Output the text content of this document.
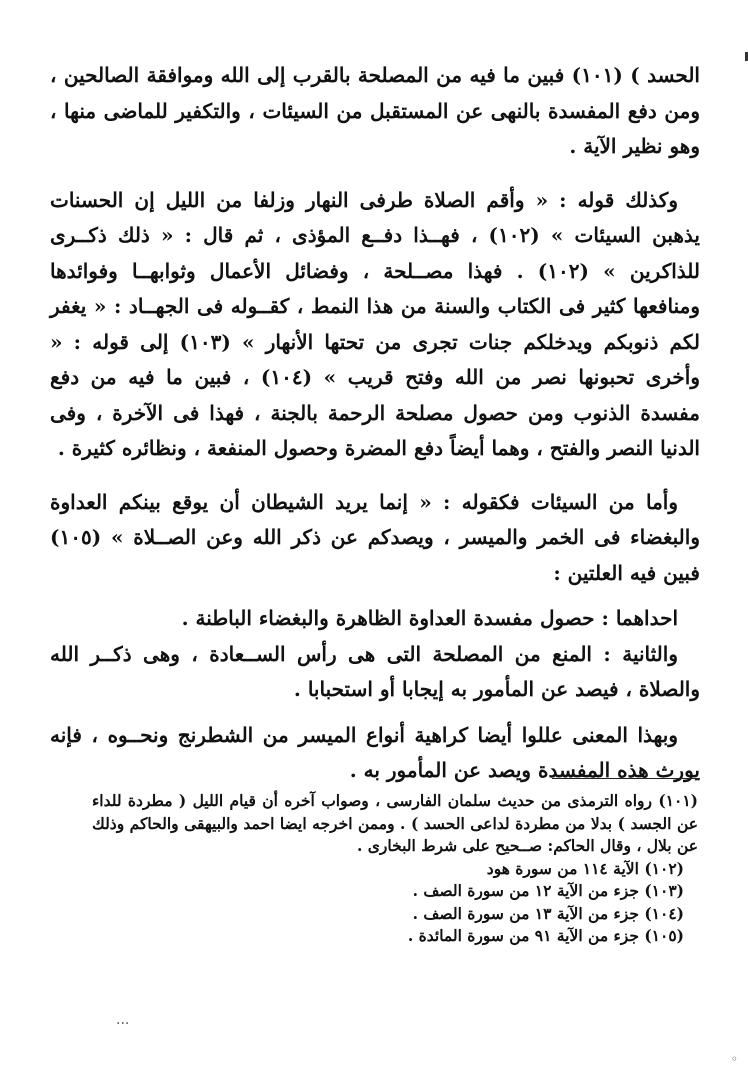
الحسد ) (١٠١) فبين ما فيه من المصلحة بالقرب إلى الله وموافقة الصالحين ، ومن دفع المفسدة بالنهى عن المستقبل من السيئات ، والتكفير للماضى منها ، وهو نظير الآية .

وكذلك قوله : « وأقم الصلاة طرفى النهار وزلفا من الليل إن الحسنات يذهبن السيئات » (١٠٢) ، فهــذا دفــع المؤذى ، ثم قال : « ذلك ذكــرى للذاكرين » (١٠٢) . فهذا مصــلحة ، وفضائل الأعمال وثوابهــا وفوائدها ومنافعها كثير فى الكتاب والسنة من هذا النمط ، كقــوله فى الجهــاد : « يغفر لكم ذنوبكم ويدخلكم جنات تجرى من تحتها الأنهار » (١٠٣) إلى قوله : « وأخرى تحبونها نصر من الله وفتح قريب » (١٠٤) ، فبين ما فيه من دفع مفسدة الذنوب ومن حصول مصلحة الرحمة بالجنة ، فهذا فى الآخرة ، وفى الدنيا النصر والفتح ، وهما أيضاً دفع المضرة وحصول المنفعة ، ونظائره كثيرة .

وأما من السيئات فكقوله : « إنما يريد الشيطان أن يوقع بينكم العداوة والبغضاء فى الخمر والميسر ، ويصدكم عن ذكر الله وعن الصــلاة » (١٠٥) فبين فيه العلتين :

احداهما : حصول مفسدة العداوة الظاهرة والبغضاء الباطنة .

والثانية : المنع من المصلحة التى هى رأس الســعادة ، وهى ذكــر الله والصلاة ، فيصد عن المأمور به إيجابا أو استحبابا .

وبهذا المعنى عللوا أيضا كراهية أنواع الميسر من الشطرنج ونحــوه ، فإنه يورث هذه المفسدة ويصد عن المأمور به .

(١٠١) رواه الترمذى من حديث سلمان الفارسى ، وصواب آخره أن قيام الليل ( مطردة للداء عن الجسد ) بدلا من مطردة لداعى الحسد ) . وممن اخرجه ايضا احمد والبيهقى والحاكم وذلك عن بلال ، وقال الحاكم: صــحيح على شرط البخارى .

(١٠٢) الآية ١١٤ من سورة هود

(١٠٣) جزء من الآية ١٢ من سورة الصف .

(١٠٤) جزء من الآية ١٣ من سورة الصف .

(١٠٥) جزء من الآية ٩١ من سورة المائدة .

...
◦
